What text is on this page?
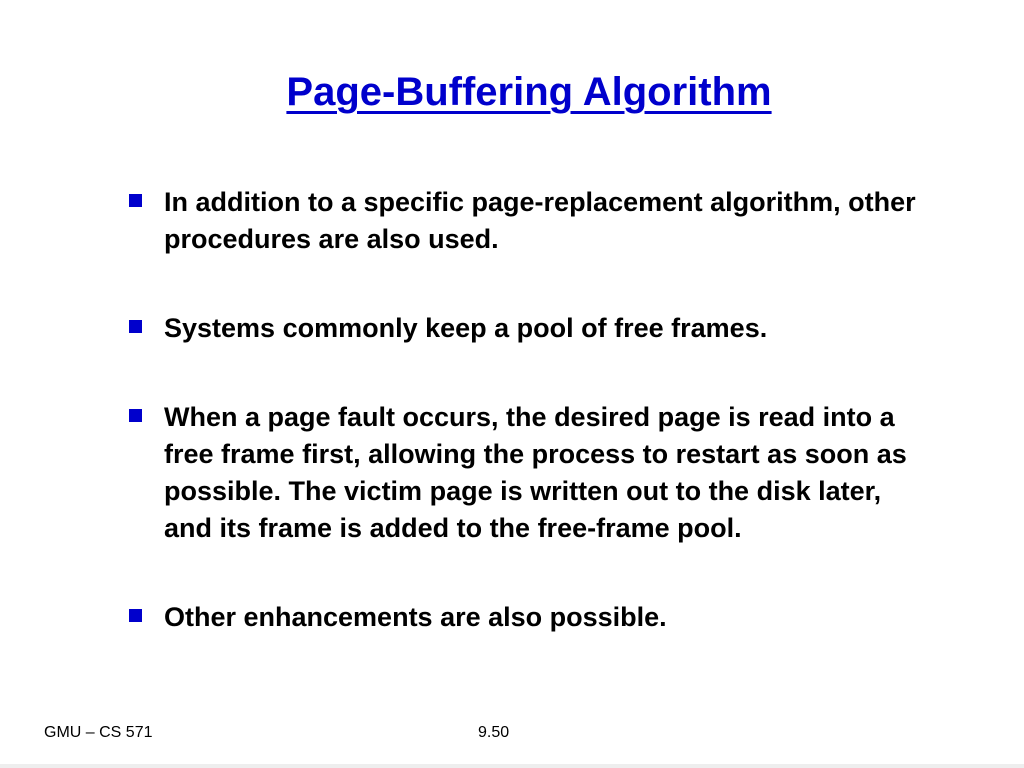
Page-Buffering Algorithm
In addition to a specific page-replacement algorithm, other procedures are also used.
Systems commonly keep a pool of free frames.
When a page fault occurs, the desired page is read into a free frame first, allowing the process to restart as soon as possible. The victim page is written out to the disk later, and its frame is added to the free-frame pool.
Other enhancements are also possible.
GMU – CS 571	9.50
